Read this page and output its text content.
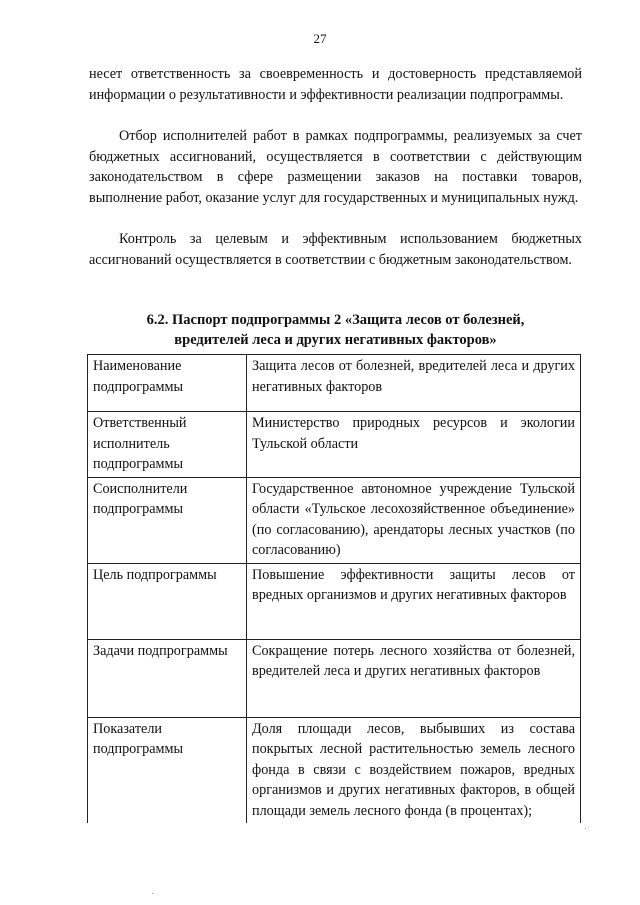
27

несет ответственность за своевременность и достоверность представляемой информации о результативности и эффективности реализации подпрограммы.

Отбор исполнителей работ в рамках подпрограммы, реализуемых за счет бюджетных ассигнований, осуществляется в соответствии с действующим законодательством в сфере размещении заказов на поставки товаров, выполнение работ, оказание услуг для государственных и муниципальных нужд.

Контроль за целевым и эффективным использованием бюджетных ассигнований осуществляется в соответствии с бюджетным законодательством.

6.2. Паспорт подпрограммы 2 «Защита лесов от болезней,
вредителей леса и других негативных факторов»
Наименование подпрограммы	Защита лесов от болезней, вредителей леса и других негативных факторов
Ответственный исполнитель подпрограммы	Министерство природных ресурсов и экологии Тульской области
Соисполнители подпрограммы	Государственное автономное учреждение Тульской области «Тульское лесохозяйственное объединение» (по согласованию), арендаторы лесных участков (по согласованию)
Цель подпрограммы	Повышение эффективности защиты лесов от вредных организмов и других негативных факторов
Задачи подпрограммы	Сокращение потерь лесного хозяйства от болезней, вредителей леса и других негативных факторов
Показатели подпрограммы	Доля площади лесов, выбывших из состава покрытых лесной растительностью земель лесного фонда в связи с воздействием пожаров, вредных организмов и других негативных факторов, в общей площади земель лесного фонда (в процентах);
